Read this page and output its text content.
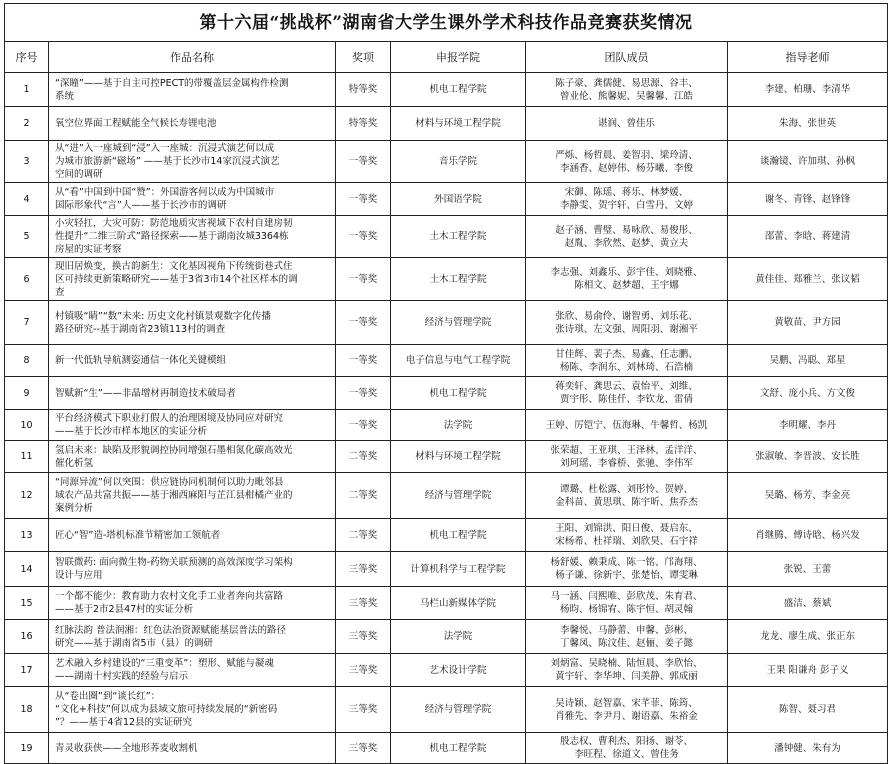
第十六届“挑战杯”湖南省大学生课外学术科技作品竞赛获奖情况					
序号	作品名称	奖项	申报学院	团队成员	指导老师
1	“深瞳”——基于自主可控PECT的带覆盖层金属构件检测
系统	特等奖	机电工程学院	陈子豪、龚儒健、易思源、谷丰、
曾业伦、熊馨妮、吴馨馨、江皓	李建、柏珊、李清华
2	氧空位界面工程赋能全气候长寿锂电池	特等奖	材料与环境工程学院	谌润、曾佳乐	朱海、张世英
3	从“进”入一座城到“浸”入一座城：沉浸式演艺何以成
为城市旅游新“磁场” ——基于长沙市14家沉浸式演艺
空间的调研	一等奖	音乐学院	严烁、杨哲晨、姜智羽、梁玲清、
李涵香、赵婷伟、杨芬曦、李俊	谈瀚镜、许加琪、孙枫
4	从“看”中国到中国“赞”：外国游客何以成为中国城市
国际形象代“言”人——基于长沙市的调研	一等奖	外国语学院	宋御、陈瑶、蒋乐、林梦媛、
李静雯、贺宇轩、白雪丹、文婷	谢冬、青锋、赵锋锋
5	小灾轻扛，大灾可防：防范地质灾害视域下农村自建房韧
性提升“二维三阶式”路径探索——基于湖南汝城3364栋
房屋的实证考察	一等奖	土木工程学院	赵子涵、曹璧、易咏欣、易俊彤、
赵胤、李欣然、赵梦、黄立夫	邵蕾、李晗、蒋建清
6	现旧居焕变，换古韵新生：文化基因视角下传统街巷式住
区可持续更新策略研究——基于3省3市14个社区样本的调
查	一等奖	土木工程学院	李志强、刘鑫乐、彭宇佳、刘晓雅、
陈相文、赵梦超、王宇娜	黄佳佳、郑雅兰、张议韬
7	村镇吸“睛”“数”未来: 历史文化村镇景观数字化传播
路径研究--基于湖南省23镇113村的调查	一等奖	经济与管理学院	张欣、易俞伶、谢智勇、刘乐花、
张诗琪、左文强、周阳羽、谢湘平	黄敬苗、尹方园
8	新一代低轨导航测姿通信一体化关键模组	一等奖	电子信息与电气工程学院	甘佳辉、裴子杰、易鑫、任志鹏、
杨陈、李润东、刘林琦、石浩楠	吴鹏、冯聪、郑星
9	智赋新“生”——非晶增材再制造技术破局者	一等奖	机电工程学院	蒋奕轩、龚思云、袁怡平、刘维、
贾宇彤、陈佳仟、李钦龙、雷倩	文舒、庞小兵、方文俊
10	平台经济模式下职业打假人的治理困境及协同应对研究
——基于长沙市样本地区的实证分析	一等奖	法学院	王婷、厉铠宁、伍海琳、牛馨哲、杨凯	李明耀、李丹
11	氢启未来：缺陷及形貌调控协同增强石墨相氮化碳高效光
催化析氢	二等奖	材料与环境工程学院	张荣超、王亚琪、王泽林、孟洋洋、
刘珂瑶、李睿桥、张驰、李伟军	张淑敏、李晋波、安长胜
12	“同源异流”何以突围：供应链协同机制何以助力毗邻县
域农产品共富共振——基于湘西麻阳与芷江县柑橘产业的
案例分析	二等奖	经济与管理学院	谭璐、杜松露、刘彤怜、贺婷、
金科苗、黄思琪、陈宇昕、焦乔杰	吴璐、杨芳、李金亮
13	匠心“智”造-塔机标准节精密加工领航者	二等奖	机电工程学院	王阳、刘锦洪、阳日俊、聂启东、
宋杨希、杜祥瑞、刘欣昊、石宇祥	肖继腾、傅诗晗、杨兴发
14	智联微药: 面向微生物-药物关联预测的高效深度学习架构
设计与应用	三等奖	计算机科学与工程学院	杨舒媛、赖秉成、陈一铭、邝海翔、
杨子谦、徐新宇、张楚怡、谭雯琳	张锐、王蕾
15	一个都不能少：教育助力农村文化手工业者奔向共富路
——基于2市2县47村的实证分析	三等奖	马栏山新媒体学院	马一涵、闫熙唯、彭欣茂、朱育君、
杨昀、杨锦宥、陈宇恒、胡灵翰	盛洁、蔡斌
16	红脉法韵 普法润湘：红色法治资源赋能基层普法的路径
研究——基于湖南省5市（县）的调研	三等奖	法学院	李馨悦、马静蕾、申馨、彭彬、
丁馨凤、陈汶佳、赵俪、姜子懿	龙龙、廖生成、张正东
17	艺术融入乡村建设的“三重变革”：塑形、赋能与凝魂
——湖南十村实践的经验与启示	三等奖	艺术设计学院	刘炳富、吴晓楠、陆恒晨、李欣怡、
黄宇轩、李华坤、闫美静、郭成丽	王果 阳谦舟 彭子义
18	从“卷出圈”到“谈长红”：
“文化+科技”何以成为县域文旅可持续发展的“新密码
”？——基于4省12县的实证研究	三等奖	经济与管理学院	吴诗颖、赵智嘉、宋芊菲、陈筠、
肖雅先、李尹月、谢语嘉、朱裕金	陈智、聂习君
19	青灵收获侠——全地形荞麦收割机	三等奖	机电工程学院	殷志权、曹利杰、阳扬、谢苓、
李旺程、徐道文、曾佳务	潘钟健、朱有为
